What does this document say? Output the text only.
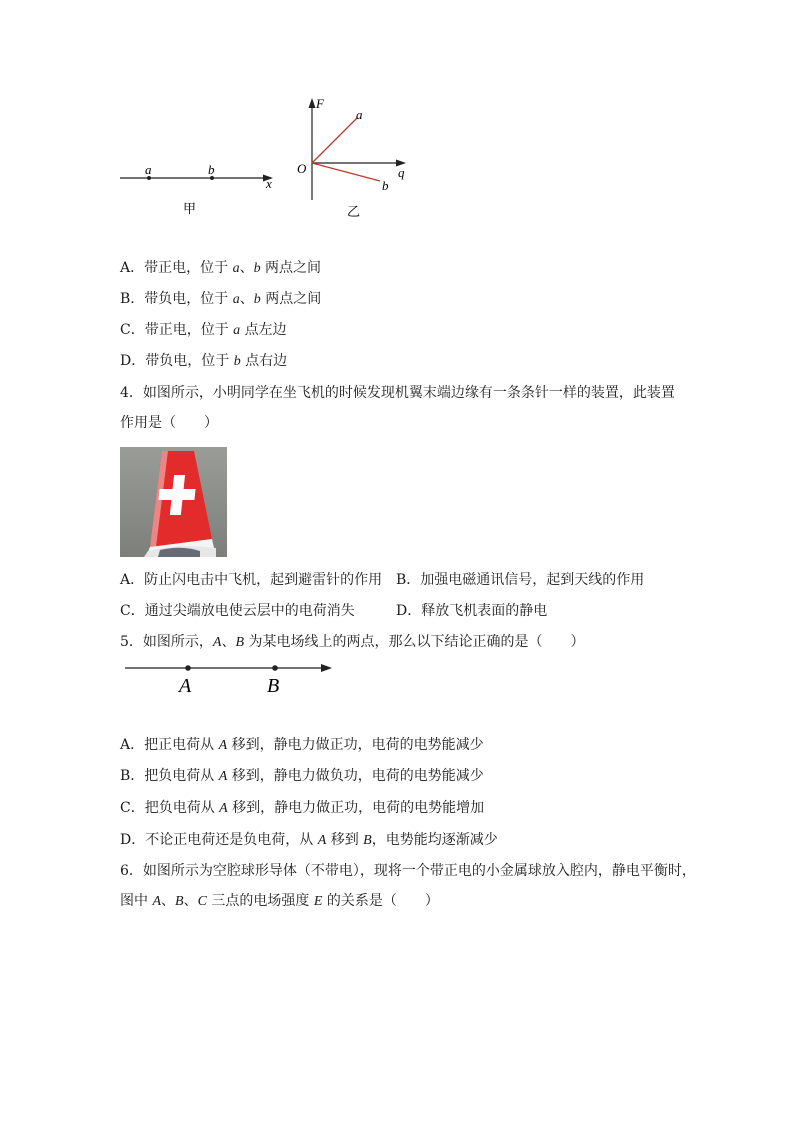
a	b
x
甲
F
q
O
a
b
乙
A．带正电，位于 a、b 两点之间
B．带负电，位于 a、b 两点之间
C．带正电，位于 a 点左边
D．带负电，位于 b 点右边
4．如图所示，小明同学在坐飞机的时候发现机翼末端边缘有一条条针一样的装置，此装置
作用是（　　）
A．防止闪电击中飞机，起到避雷针的作用 B．加强电磁通讯信号，起到天线的作用
C．通过尖端放电使云层中的电荷消失	D．释放飞机表面的静电
5．如图所示，A、B 为某电场线上的两点，那么以下结论正确的是（　　）
A	B
A．把正电荷从 A 移到，静电力做正功，电荷的电势能减少
B．把负电荷从 A 移到，静电力做负功，电荷的电势能减少
C．把负电荷从 A 移到，静电力做正功，电荷的电势能增加
D．不论正电荷还是负电荷，从 A 移到 B，电势能均逐渐减少
6．如图所示为空腔球形导体（不带电），现将一个带正电的小金属球放入腔内，静电平衡时，
图中 A、B、C 三点的电场强度 E 的关系是（　　）
